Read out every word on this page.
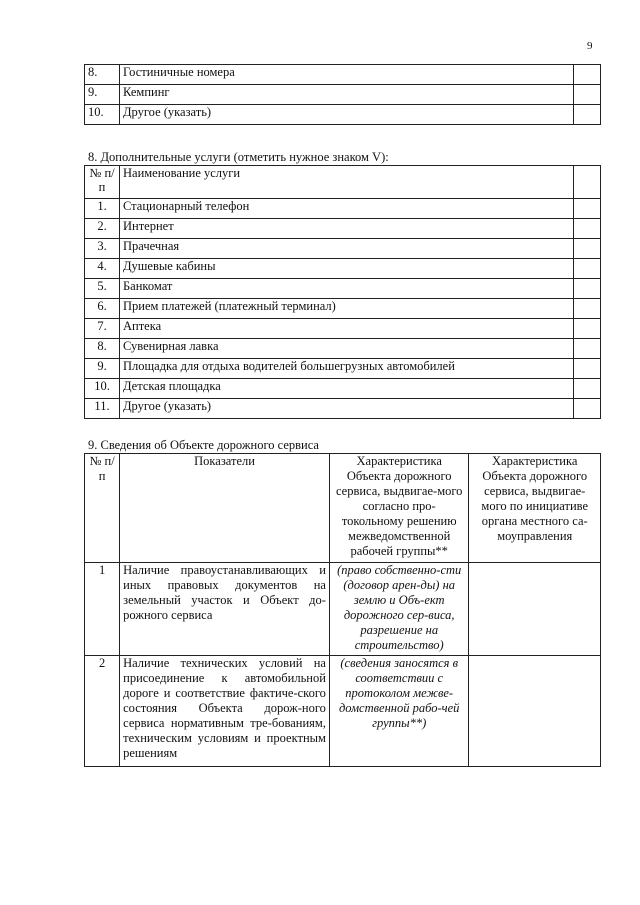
9
8.	Гостиничные номера	
9.	Кемпинг	
10.	Другое (указать)	
8. Дополнительные услуги (отметить нужное знаком V):
№ п/п	Наименование услуги	
1.	Стационарный телефон	
2.	Интернет	
3.	Прачечная	
4.	Душевые кабины	
5.	Банкомат	
6.	Прием платежей (платежный терминал)	
7.	Аптека	
8.	Сувенирная лавка	
9.	Площадка для отдыха водителей большегрузных автомобилей	
10.	Детская площадка	
11.	Другое (указать)	
9. Сведения об Объекте дорожного сервиса
№ п/п	Показатели	Характеристика Объекта дорожного сервиса, выдвигае-мого согласно про-токольному решению межведомственной рабочей группы**	Характеристика Объекта дорожного сервиса, выдвигае-мого по инициативе органа местного са-моуправления
1	Наличие правоустанавливающих и иных правовых документов на земельный участок и Объект до-рожного сервиса	(право собственно-сти (договор арен-ды) на землю и Объ-ект дорожного сер-виса, разрешение на строительство)	
2	Наличие технических условий на присоединение к автомобильной дороге и соответствие фактиче-ского состояния Объекта дорож-ного сервиса нормативным тре-бованиям, техническим условиям и проектным решениям	(сведения заносятся в соответствии с протоколом межве-домственной рабо-чей группы**)	
